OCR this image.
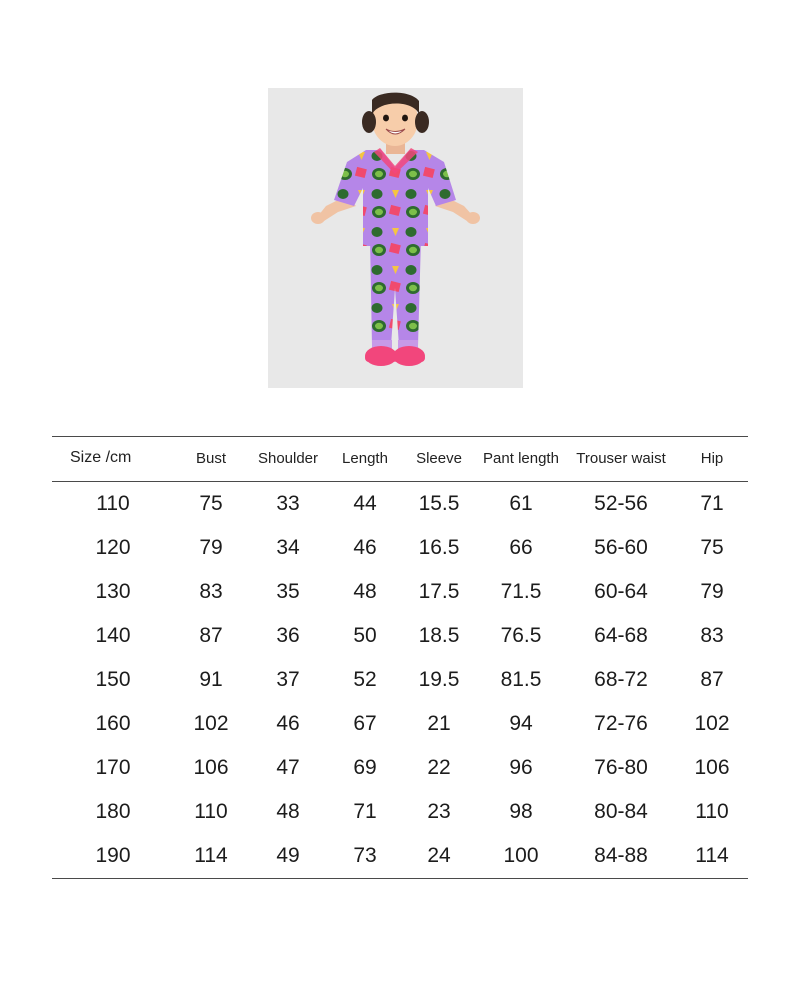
Size /cm	Bust	Shoulder	Length	Sleeve	Pant length	Trouser waist	Hip
110	75	33	44	15.5	61	52-56	71
120	79	34	46	16.5	66	56-60	75
130	83	35	48	17.5	71.5	60-64	79
140	87	36	50	18.5	76.5	64-68	83
150	91	37	52	19.5	81.5	68-72	87
160	102	46	67	21	94	72-76	102
170	106	47	69	22	96	76-80	106
180	110	48	71	23	98	80-84	110
190	114	49	73	24	100	84-88	114
